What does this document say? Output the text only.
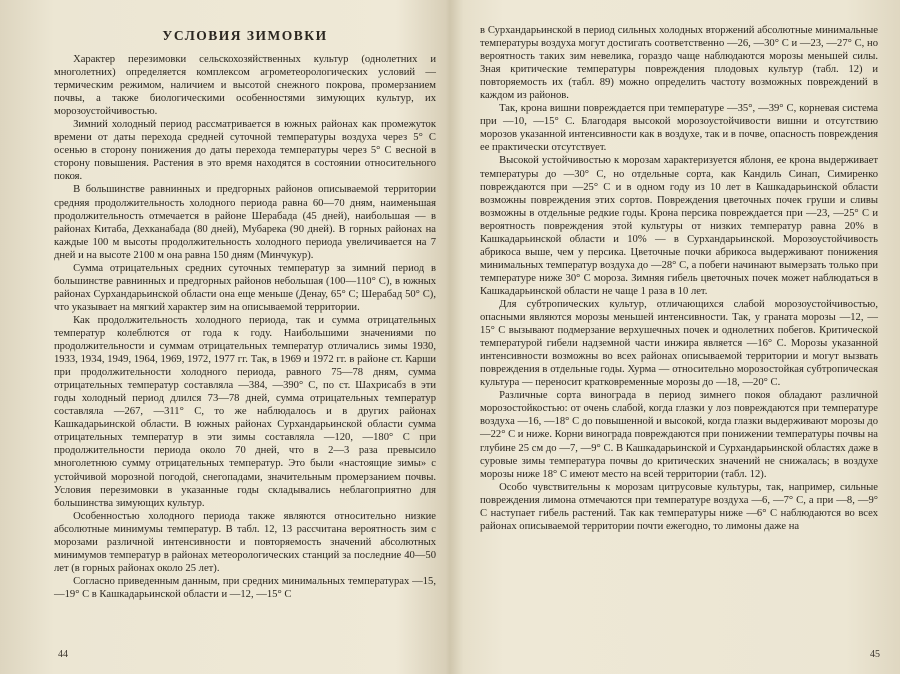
УСЛОВИЯ ЗИМОВКИ

Характер перезимовки сельскохозяйственных культур (однолетних и многолетних) определяется комплексом агрометеорологических условий — термическим режимом, наличием и высотой снежного покрова, промерзанием почвы, а также биологическими особенностями зимующих культур, их морозоустойчивостью.

Зимний холодный период рассматривается в южных районах как промежуток времени от даты перехода средней суточной температуры воздуха через 5° С осенью в сторону понижения до даты перехода температуры через 5° С весной в сторону повышения. Растения в это время находятся в состоянии относительного покоя.

В большинстве равнинных и предгорных районов описываемой территории средняя продолжительность холодного периода равна 60—70 дням, наименьшая продолжительность отмечается в районе Шерабада (45 дней), наибольшая — в районах Китаба, Дехканабада (80 дней), Мубарека (90 дней). В горных районах на каждые 100 м высоты продолжительность холодного периода увеличивается на 7 дней и на высоте 2100 м она равна 150 дням (Минчукур).

Сумма отрицательных средних суточных температур за зимний период в большинстве равнинных и предгорных районов небольшая (100—110° С), в южных районах Сурхандарьинской области она еще меньше (Денау, 65° С; Шерабад 50° С), что указывает на мягкий характер зим на описываемой территории.

Как продолжительность холодного периода, так и сумма отрицательных температур колеблются от года к году. Наибольшими значениями по продолжительности и суммам отрицательных температур отличались зимы 1930, 1933, 1934, 1949, 1964, 1969, 1972, 1977 гг. Так, в 1969 и 1972 гг. в районе ст. Карши при продолжительности холодного периода, равного 75—78 дням, сумма отрицательных температур составляла —384, —390° С, по ст. Шахрисабз в эти годы холодный период длился 73—78 дней, сумма отрицательных температур составляла —267, —311° С, то же наблюдалось и в других районах Кашкадарьинской области. В южных районах Сурхандарьинской области сумма отрицательных температур в эти зимы составляла —120, —180° С при продолжительности периода около 70 дней, что в 2—3 раза превысило многолетнюю сумму отрицательных температур. Это были «настоящие зимы» с устойчивой морозной погодой, снегопадами, значительным промерзанием почвы. Условия перезимовки в указанные годы складывались неблагоприятно для большинства зимующих культур.

Особенностью холодного периода также являются относительно низкие абсолютные минимумы температур. В табл. 12, 13 рассчитана вероятность зим с морозами различной интенсивности и повторяемость значений абсолютных минимумов температур в районах метеорологических станций за последние 40—50 лет (в горных районах около 25 лет).

Согласно приведенным данным, при средних минимальных температурах —15, —19° С в Кашкадарьинской области и —12, —15° С

44

в Сурхандарьинской в период сильных холодных вторжений абсолютные минимальные температуры воздуха могут достигать соответственно —26, —30° С и —23, —27° С, но вероятность таких зим невелика, гораздо чаще наблюдаются морозы меньшей силы. Зная критические температуры повреждения плодовых культур (табл. 12) и повторяемость их (табл. 89) можно определить частоту возможных повреждений в каждом из районов.

Так, крона вишни повреждается при температуре —35°, —39° С, корневая система при —10, —15° С. Благодаря высокой морозоустойчивости вишни и отсутствию морозов указанной интенсивности как в воздухе, так и в почве, опасность повреждения ее практически отсутствует.

Высокой устойчивостью к морозам характеризуется яблоня, ее крона выдерживает температуры до —30° С, но отдельные сорта, как Кандиль Синап, Симиренко повреждаются при —25° С и в одном году из 10 лет в Кашкадарьинской области возможны повреждения этих сортов. Повреждения цветочных почек груши и сливы возможны в отдельные редкие годы. Крона персика повреждается при —23, —25° С и вероятность повреждения этой культуры от низких температур равна 20% в Кашкадарьинской области и 10% — в Сурхандарьинской. Морозоустойчивость абрикоса выше, чем у персика. Цветочные почки абрикоса выдерживают понижения минимальных температур воздуха до —28° С, а побеги начинают вымерзать только при температуре ниже 30° С мороза. Зимняя гибель цветочных почек может наблюдаться в Кашкадарьинской области не чаще 1 раза в 10 лет.

Для субтропических культур, отличающихся слабой морозоустойчивостью, опасными являются морозы меньшей интенсивности. Так, у граната морозы —12, —15° С вызывают подмерзание верхушечных почек и однолетних побегов. Критической температурой гибели надземной части инжира является —16° С. Морозы указанной интенсивности возможны во всех районах описываемой территории и могут вызвать повреждения в отдельные годы. Хурма — относительно морозостойкая субтропическая культура — переносит кратковременные морозы до —18, —20° С.

Различные сорта винограда в период зимнего покоя обладают различной морозостойкостью: от очень слабой, когда глазки у лоз повреждаются при температуре воздуха —16, —18° С до повышенной и высокой, когда глазки выдерживают морозы до —22° С и ниже. Корни винограда повреждаются при понижении температуры почвы на глубине 25 см до —7, —9° С. В Кашкадарьинской и Сурхандарьинской областях даже в суровые зимы температура почвы до критических значений не снижалась; в воздухе морозы ниже 18° С имеют место на всей территории (табл. 12).

Особо чувствительны к морозам цитрусовые культуры, так, например, сильные повреждения лимона отмечаются при температуре воздуха —6, —7° С, а при —8, —9° С наступает гибель растений. Так как температуры ниже —6° С наблюдаются во всех районах описываемой территории почти ежегодно, то лимоны даже на

45
